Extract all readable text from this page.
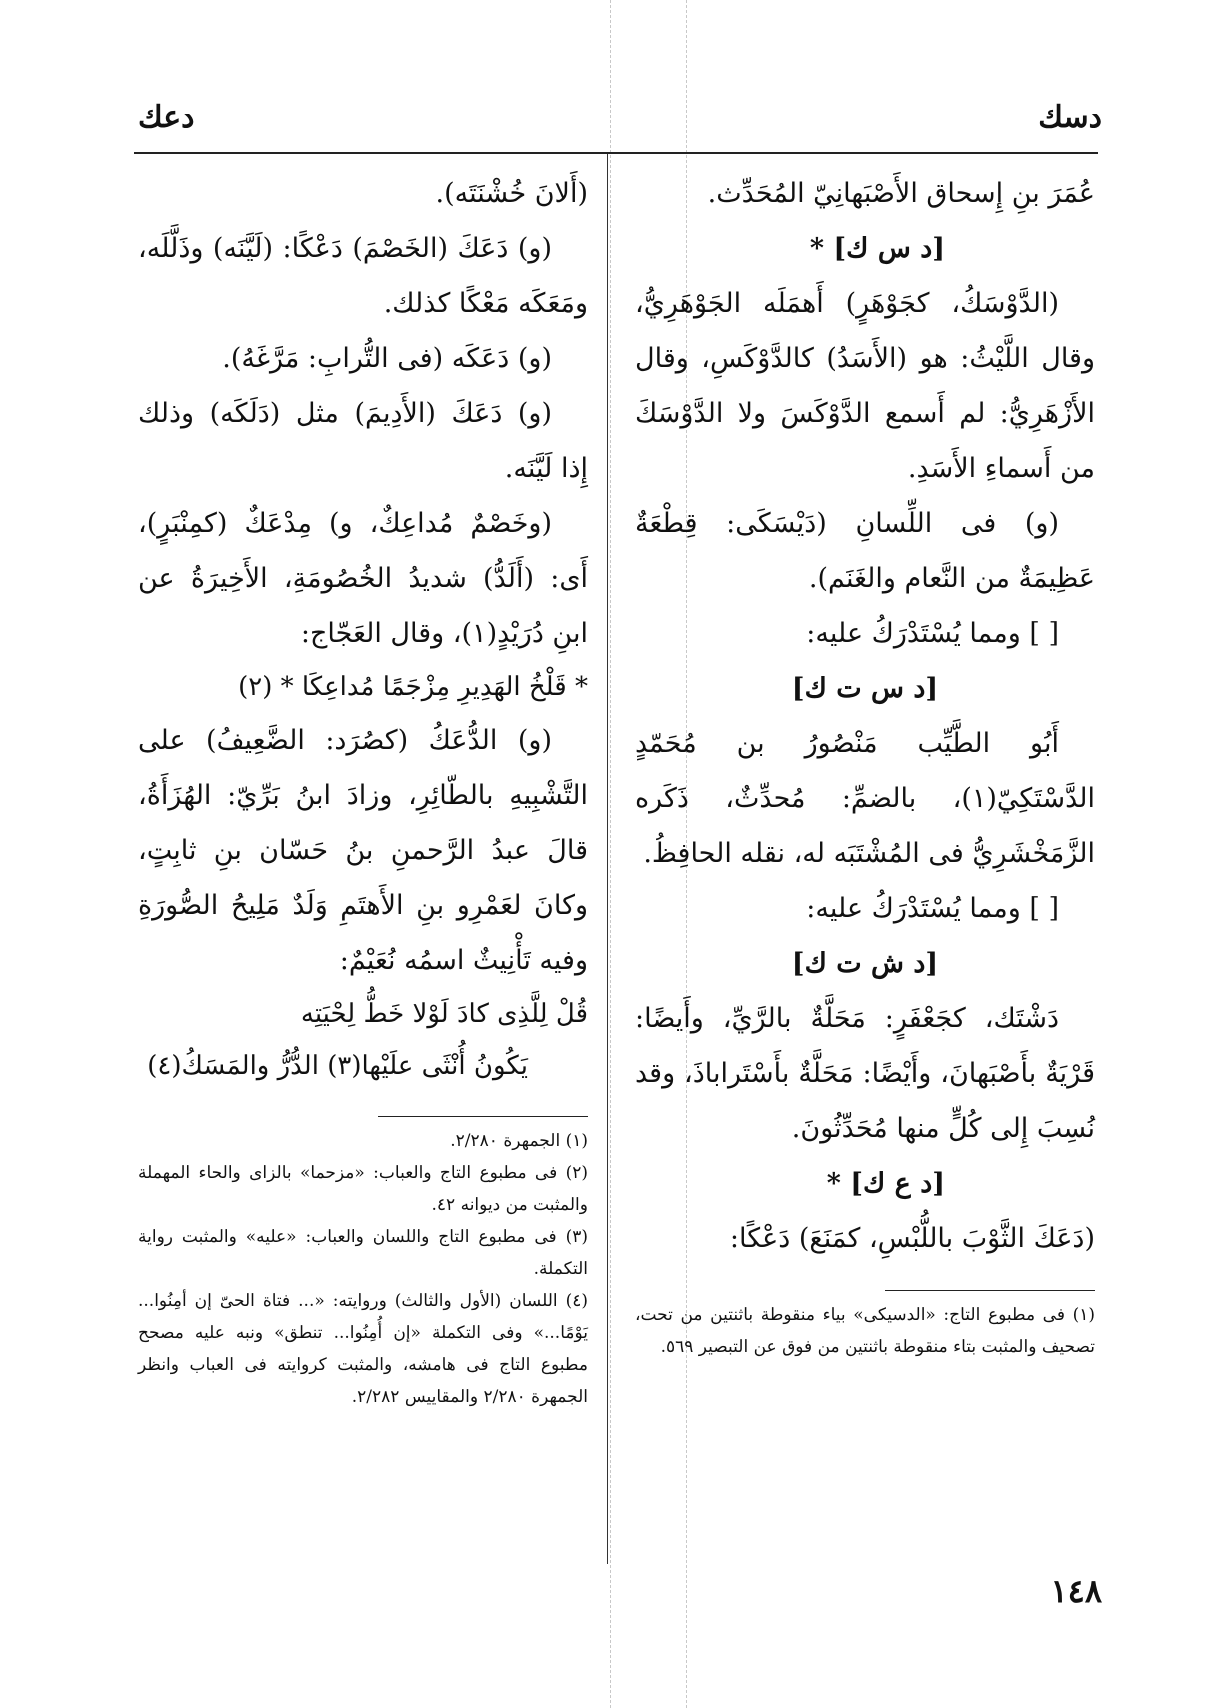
دسك
دعك

عُمَرَ بنِ إِسحاق الأَصْبَهانِيّ المُحَدِّث.

[د س ك] *

(الدَّوْسَكُ، كجَوْهَرٍ) أَهمَلَه الجَوْهَرِيُّ، وقال اللَّيْثُ: هو (الأَسَدُ) كالدَّوْكَسِ، وقال الأَزْهَرِيُّ: لم أَسمع الدَّوْكَسَ ولا الدَّوْسَكَ من أَسماءِ الأَسَدِ.

(و) فى اللِّسانِ (دَيْسَكَى: قِطْعَةٌ عَظِيمَةٌ من النَّعام والغَنَم).

[ ] ومما يُسْتَدْرَكُ عليه:

[د س ت ك]

أَبُو الطَّيِّب مَنْصُورُ بن مُحَمّدٍ الدَّسْتَكِيّ(١)، بالضمِّ: مُحدِّثٌ، ذَكَره الزَّمَخْشَرِيُّ فى المُشْتَبَه له، نقله الحافِظُ.

[ ] ومما يُسْتَدْرَكُ عليه:

[د ش ت ك]

دَشْتَك، كجَعْفَرٍ: مَحَلَّةٌ بالرَّيِّ، وأَيضًا: قَرْيَةٌ بأَصْبَهانَ، وأَيْضًا: مَحَلَّةٌ بأَسْتَراباذَ، وقد نُسِبَ إِلى كُلٍّ منها مُحَدِّثُونَ.

[د ع ك] *

(دَعَكَ الثَّوْبَ باللُّبْسِ، كمَنَعَ) دَعْكًا:

(١) فى مطبوع التاج: «الدسيكى» بياء منقوطة باثنتين من تحت، تصحيف والمثبت بتاء منقوطة باثنتين من فوق عن التبصير ٥٦٩.

(أَلانَ خُشْنَتَه).

(و) دَعَكَ (الخَصْمَ) دَعْكًا: (لَيَّنَه) وذَلَّلَه، ومَعَكَه مَعْكًا كذلك.

(و) دَعَكَه (فى التُّرابِ: مَرَّغَهُ).

(و) دَعَكَ (الأَدِيمَ) مثل (دَلَكَه) وذلك إِذا لَيَّنَه.

(وخَصْمٌ مُداعِكٌ، و) مِدْعَكٌ (كمِنْبَرٍ)، أَى: (أَلَدُّ) شديدُ الخُصُومَةِ، الأَخِيرَةُ عن ابنِ دُرَيْدٍ(١)، وقال العَجّاج:

* قَلْخُ الهَدِيرِ مِزْجَمًا مُداعِكَا * (٢)

(و) الدُّعَكُ (كصُرَد: الضَّعِيفُ) على التَّشْبِيهِ بالطّائِرِ، وزادَ ابنُ بَرِّيّ: الهُزَأَةُ، قالَ عبدُ الرَّحمنِ بنُ حَسّان بنِ ثابِتٍ، وكانَ لعَمْرِو بنِ الأَهتَمِ وَلَدٌ مَلِيحُ الصُّورَةِ وفيه تَأْنِيثٌ اسمُه نُعَيْمٌ:

قُلْ لِلَّذِى كادَ لَوْلا خَطُّ لِحْيَتِه

يَكُونُ أُنْثَى علَيْها(٣) الدُّرُّ والمَسَكُ(٤)

(١) الجمهرة ٢/٢٨٠.

(٢) فى مطبوع التاج والعباب: «مزحما» بالزاى والحاء المهملة والمثبت من ديوانه ٤٢.

(٣) فى مطبوع التاج واللسان والعباب: «عليه» والمثبت رواية التكملة.

(٤) اللسان (الأول والثالث) وروايته: «... فتاة الحىّ إن أمِنُوا... يَوْمًا...» وفى التكملة «إن أُمِنُوا... تنطق» ونبه عليه مصحح مطبوع التاج فى هامشه، والمثبت كروايته فى العباب وانظر الجمهرة ٢/٢٨٠ والمقاييس ٢/٢٨٢.

١٤٨
